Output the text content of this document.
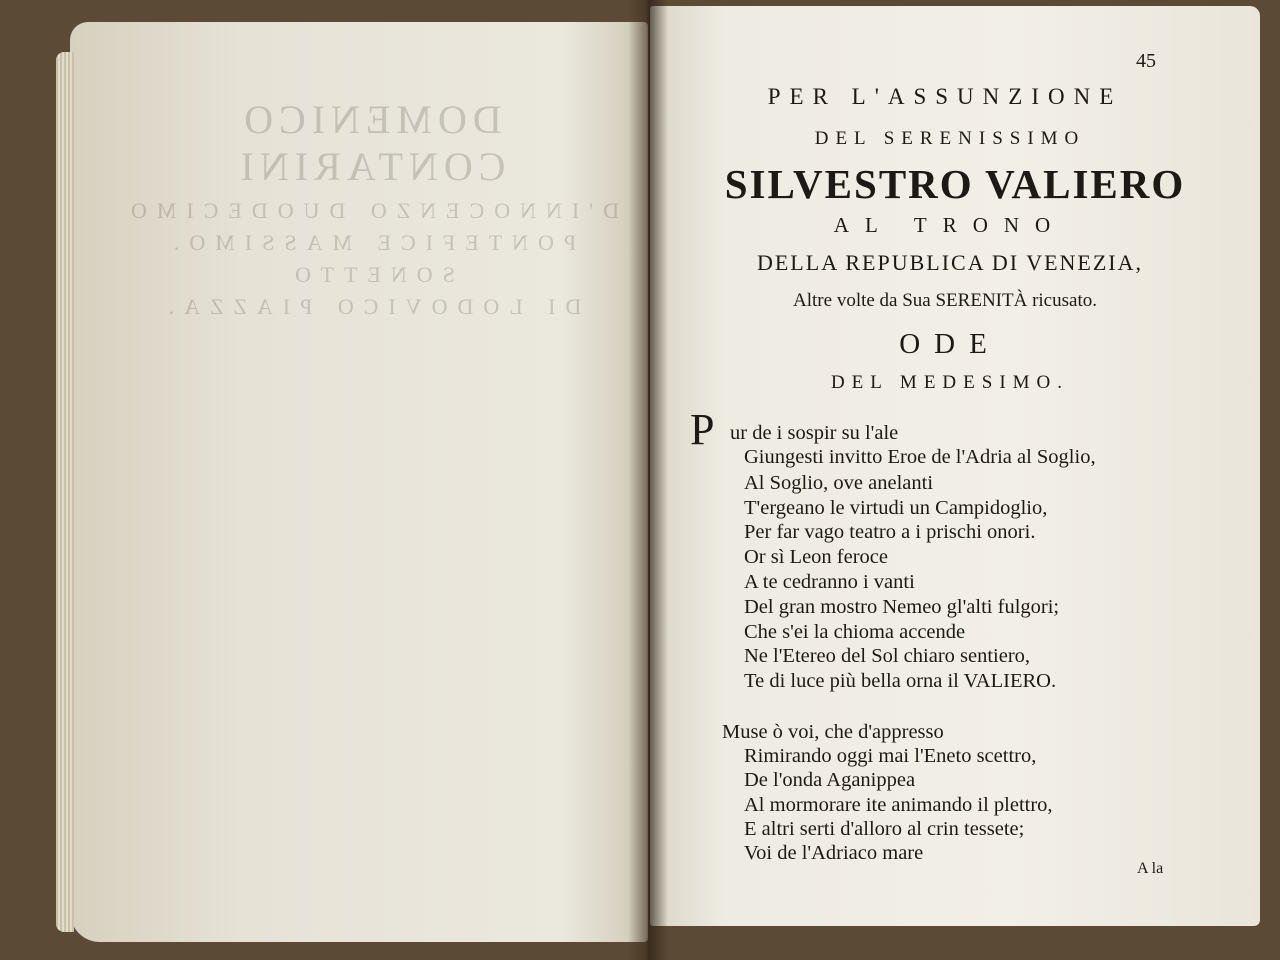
DOMENICO CONTARINI
D'INNOCENZO DUODECIMO
PONTEFICE MASSIMO.
SONETTO
DI LODOVICO PIAZZA.
45
PER L'ASSUNZIONE
DEL SERENISSIMO
SILVESTRO VALIERO
AL TRONO
DELLA REPUBLICA DI VENEZIA,
Altre volte da Sua SERENITÀ ricusato.
ODE
DEL MEDESIMO.
P ur de i sospir su l'ale
Giungesti invitto Eroe de l'Adria al Soglio,
Al Soglio, ove anelanti
T'ergeano le virtudi un Campidoglio,
Per far vago teatro a i prischi onori.
Or sì Leon feroce
A te cedranno i vanti
Del gran mostro Nemeo gl'alti fulgori;
Che s'ei la chioma accende
Ne l'Etereo del Sol chiaro sentiero,
Te di luce più bella orna il VALIERO.
Muse ò voi, che d'appresso
Rimirando oggi mai l'Eneto scettro,
De l'onda Aganippea
Al mormorare ite animando il plettro,
E altri serti d'alloro al crin tessete;
Voi de l'Adriaco mare
A la
